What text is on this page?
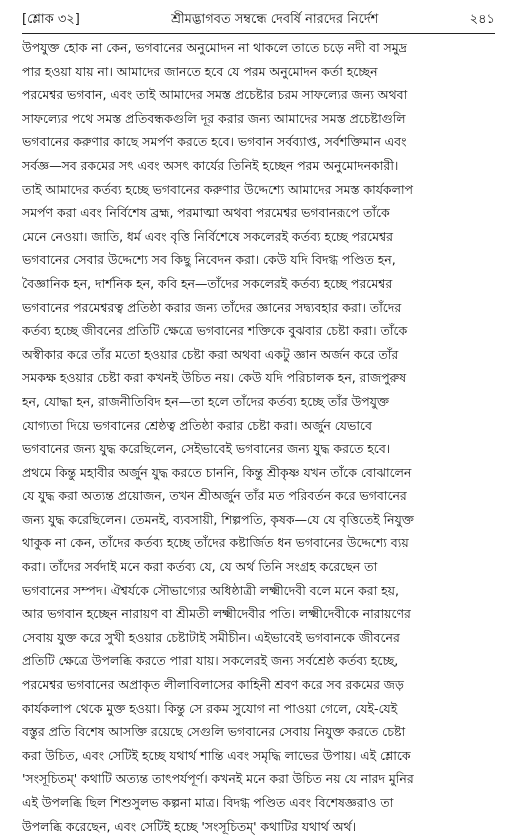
[শ্লোক ৩২]	শ্রীমদ্ভাগবত সম্বন্ধে দেবর্ষি নারদের নির্দেশ	২৪১
উপযুক্ত হোক না কেন, ভগবানের অনুমোদন না থাকলে তাতে চড়ে নদী বা সমুদ্র
পার হওয়া যায় না। আমাদের জানতে হবে যে পরম অনুমোদন কর্তা হচ্ছেন
পরমেশ্বর ভগবান, এবং তাই আমাদের সমস্ত প্রচেষ্টার চরম সাফল্যের জন্য অথবা
সাফল্যের পথে সমস্ত প্রতিবন্ধকগুলি দূর করার জন্য আমাদের সমস্ত প্রচেষ্টাগুলি
ভগবানের করুণার কাছে সমর্পণ করতে হবে। ভগবান সর্বব্যাপ্ত, সর্বশক্তিমান এবং
সর্বজ্ঞ—সব রকমের সৎ এবং অসৎ কার্যের তিনিই হচ্ছেন পরম অনুমোদনকারী।
তাই আমাদের কর্তব্য হচ্ছে ভগবানের করুণার উদ্দেশ্যে আমাদের সমস্ত কার্যকলাপ
সমর্পণ করা এবং নির্বিশেষ ব্রহ্ম, পরমাত্মা অথবা পরমেশ্বর ভগবানরূপে তাঁকে
মেনে নেওয়া। জাতি, ধর্ম এবং বৃত্তি নির্বিশেষে সকলেরই কর্তব্য হচ্ছে পরমেশ্বর
ভগবানের সেবার উদ্দেশ্যে সব কিছু নিবেদন করা। কেউ যদি বিদগ্ধ পণ্ডিত হন,
বৈজ্ঞানিক হন, দার্শনিক হন, কবি হন—তাঁদের সকলেরই কর্তব্য হচ্ছে পরমেশ্বর
ভগবানের পরমেশ্বরত্ব প্রতিষ্ঠা করার জন্য তাঁদের জ্ঞানের সদ্ব্যবহার করা। তাঁদের
কর্তব্য হচ্ছে জীবনের প্রতিটি ক্ষেত্রে ভগবানের শক্তিকে বুঝবার চেষ্টা করা। তাঁকে
অস্বীকার করে তাঁর মতো হওয়ার চেষ্টা করা অথবা একটু জ্ঞান অর্জন করে তাঁর
সমকক্ষ হওয়ার চেষ্টা করা কখনই উচিত নয়। কেউ যদি পরিচালক হন, রাজপুরুষ
হন, যোদ্ধা হন, রাজনীতিবিদ হন—তা হলে তাঁদের কর্তব্য হচ্ছে তাঁর উপযুক্ত
যোগ্যতা দিয়ে ভগবানের শ্রেষ্ঠত্ব প্রতিষ্ঠা করার চেষ্টা করা। অর্জুন যেভাবে
ভগবানের জন্য যুদ্ধ করেছিলেন, সেইভাবেই ভগবানের জন্য যুদ্ধ করতে হবে।
প্রথমে কিন্তু মহাবীর অর্জুন যুদ্ধ করতে চাননি, কিন্তু শ্রীকৃষ্ণ যখন তাঁকে বোঝালেন
যে যুদ্ধ করা অত্যন্ত প্রয়োজন, তখন শ্রীঅর্জুন তাঁর মত পরিবর্তন করে ভগবানের
জন্য যুদ্ধ করেছিলেন। তেমনই, ব্যবসায়ী, শিল্পপতি, কৃষক—যে যে বৃত্তিতেই নিযুক্ত
থাকুক না কেন, তাঁদের কর্তব্য হচ্ছে তাঁদের কষ্টার্জিত ধন ভগবানের উদ্দেশ্যে ব্যয়
করা। তাঁদের সর্বদাই মনে করা কর্তব্য যে, যে অর্থ তিনি সংগ্রহ করেছেন তা
ভগবানের সম্পদ। ঐশ্বর্যকে সৌভাগ্যের অধিষ্ঠাত্রী লক্ষ্মীদেবী বলে মনে করা হয়,
আর ভগবান হচ্ছেন নারায়ণ বা শ্রীমতী লক্ষ্মীদেবীর পতি। লক্ষ্মীদেবীকে নারায়ণের
সেবায় যুক্ত করে সুখী হওয়ার চেষ্টাটাই সমীচীন। এইভাবেই ভগবানকে জীবনের
প্রতিটি ক্ষেত্রে উপলব্ধি করতে পারা যায়। সকলেরই জন্য সর্বশ্রেষ্ঠ কর্তব্য হচ্ছে,
পরমেশ্বর ভগবানের অপ্রাকৃত লীলাবিলাসের কাহিনী শ্রবণ করে সব রকমের জড়
কার্যকলাপ থেকে মুক্ত হওয়া। কিন্তু সে রকম সুযোগ না পাওয়া গেলে, যেই-যেই
বস্তুর প্রতি বিশেষ আসক্তি রয়েছে সেগুলি ভগবানের সেবায় নিযুক্ত করতে চেষ্টা
করা উচিত, এবং সেটিই হচ্ছে যথার্থ শান্তি এবং সমৃদ্ধি লাভের উপায়। এই শ্লোকে
'সংসূচিতম্' কথাটি অত্যন্ত তাৎপর্যপূর্ণ। কখনই মনে করা উচিত নয় যে নারদ মুনির
এই উপলব্ধি ছিল শিশুসুলভ কল্পনা মাত্র। বিদগ্ধ পণ্ডিত এবং বিশেষজ্ঞরাও তা
উপলব্ধি করেছেন, এবং সেটিই হচ্ছে 'সংসূচিতম্' কথাটির যথার্থ অর্থ।
